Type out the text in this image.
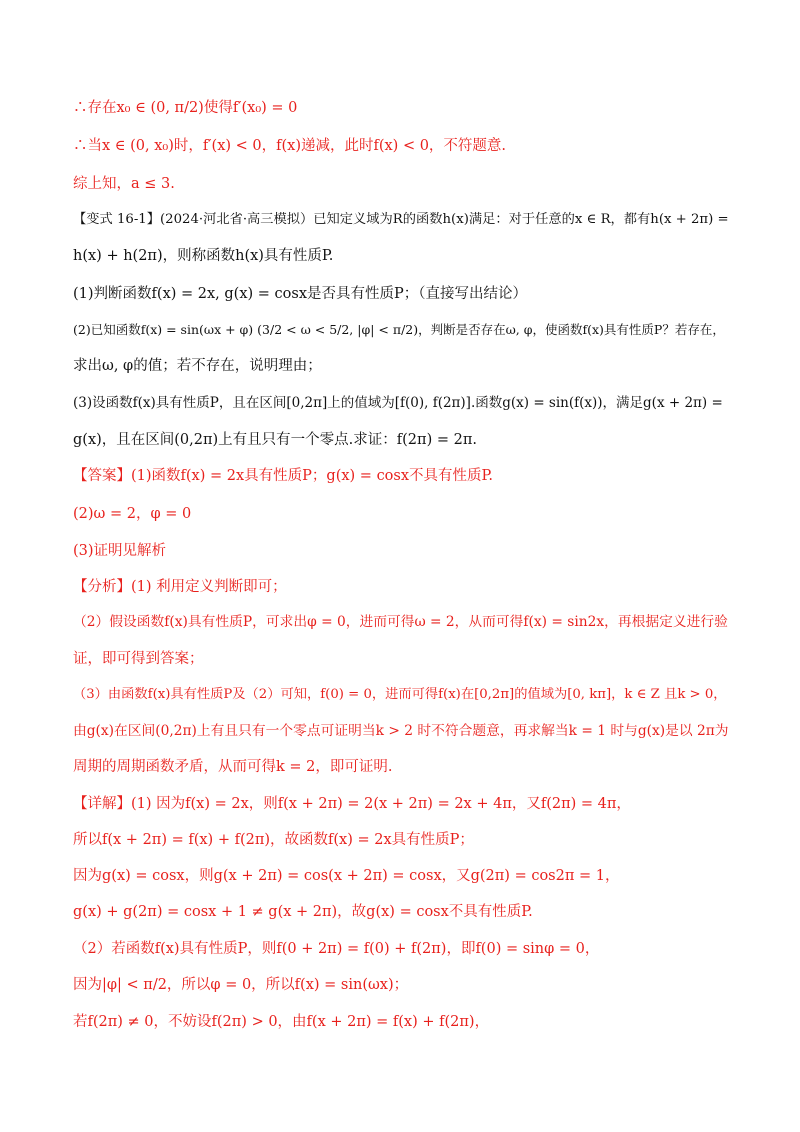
∴存在x₀ ∈ (0, π/2)使得f′(x₀) = 0
∴当x ∈ (0, x₀)时，f′(x) < 0，f(x)递减，此时f(x) < 0，不符题意.
综上知，a ≤ 3.
【变式 16-1】(2024·河北省·高三模拟）已知定义域为R的函数h(x)满足：对于任意的x ∈ R，都有h(x + 2π) =
h(x) + h(2π)，则称函数h(x)具有性质P.
(1)判断函数f(x) = 2x, g(x) = cosx是否具有性质P；（直接写出结论）
(2)已知函数f(x) = sin(ωx + φ) (3/2 < ω < 5/2, |φ| < π/2)，判断是否存在ω, φ，使函数f(x)具有性质P？若存在，
求出ω, φ的值；若不存在，说明理由；
(3)设函数f(x)具有性质P，且在区间[0,2π]上的值域为[f(0), f(2π)].函数g(x) = sin(f(x))，满足g(x + 2π) =
g(x)，且在区间(0,2π)上有且只有一个零点.求证：f(2π) = 2π.
【答案】(1)函数f(x) = 2x具有性质P；g(x) = cosx不具有性质P.
(2)ω = 2，φ = 0
(3)证明见解析
【分析】(1) 利用定义判断即可；
（2）假设函数f(x)具有性质P，可求出φ = 0，进而可得ω = 2，从而可得f(x) = sin2x，再根据定义进行验
证，即可得到答案；
（3）由函数f(x)具有性质P及（2）可知，f(0) = 0，进而可得f(x)在[0,2π]的值域为[0, kπ]，k ∈ Z 且k > 0，
由g(x)在区间(0,2π)上有且只有一个零点可证明当k > 2 时不符合题意，再求解当k = 1 时与g(x)是以 2π为
周期的周期函数矛盾，从而可得k = 2，即可证明.
【详解】(1) 因为f(x) = 2x，则f(x + 2π) = 2(x + 2π) = 2x + 4π，又f(2π) = 4π，
所以f(x + 2π) = f(x) + f(2π)，故函数f(x) = 2x具有性质P；
因为g(x) = cosx，则g(x + 2π) = cos(x + 2π) = cosx，又g(2π) = cos2π = 1，
g(x) + g(2π) = cosx + 1 ≠ g(x + 2π)，故g(x) = cosx不具有性质P.
（2）若函数f(x)具有性质P，则f(0 + 2π) = f(0) + f(2π)，即f(0) = sinφ = 0，
因为|φ| < π/2，所以φ = 0，所以f(x) = sin(ωx)；
若f(2π) ≠ 0，不妨设f(2π) > 0，由f(x + 2π) = f(x) + f(2π)，
